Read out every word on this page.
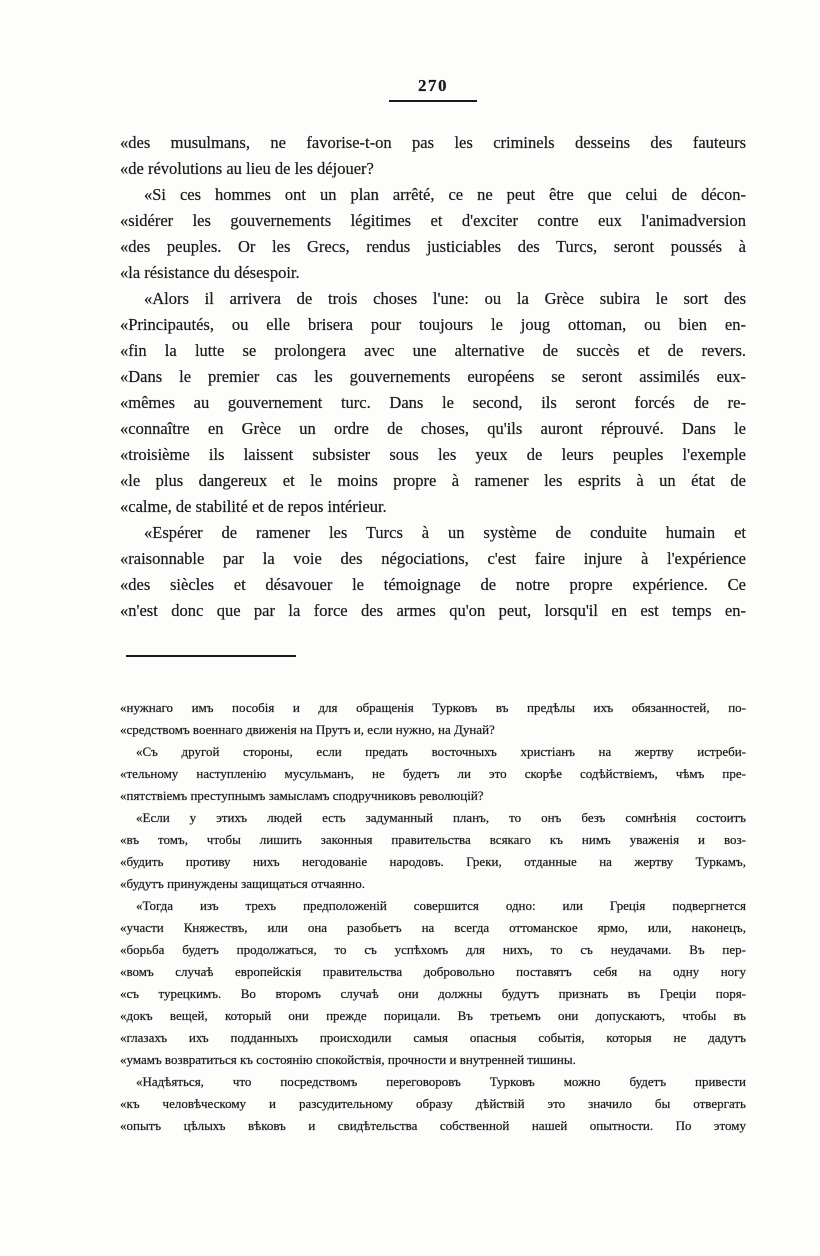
270
«des musulmans, ne favorise-t-on pas les criminels desseins des fauteurs
«de révolutions au lieu de les déjouer?
«Si ces hommes ont un plan arrêté, ce ne peut être que celui de décon-
«sidérer les gouvernements légitimes et d'exciter contre eux l'animadversion
«des peuples. Or les Grecs, rendus justiciables des Turcs, seront poussés à
«la résistance du désespoir.
«Alors il arrivera de trois choses l'une: ou la Grèce subira le sort des
«Principautés, ou elle brisera pour toujours le joug ottoman, ou bien en-
«fin la lutte se prolongera avec une alternative de succès et de revers.
«Dans le premier cas les gouvernements européens se seront assimilés eux-
«mêmes au gouvernement turc. Dans le second, ils seront forcés de re-
«connaître en Grèce un ordre de choses, qu'ils auront réprouvé. Dans le
«troisième ils laissent subsister sous les yeux de leurs peuples l'exemple
«le plus dangereux et le moins propre à ramener les esprits à un état de
«calme, de stabilité et de repos intérieur.
«Espérer de ramener les Turcs à un système de conduite humain et
«raisonnable par la voie des négociations, c'est faire injure à l'expérience
«des siècles et désavouer le témoignage de notre propre expérience. Ce
«n'est donc que par la force des armes qu'on peut, lorsqu'il en est temps en-
«нужнаго имъ пособія и для обращенія Турковъ въ предѣлы ихъ обязанностей, по-
«средствомъ военнаго движенія на Прутъ и, если нужно, на Дунай?
«Съ другой стороны, если предать восточныхъ христіанъ на жертву истреби-
«тельному наступленію мусульманъ, не будетъ ли это скорѣе содѣйствіемъ, чѣмъ пре-
«пятствіемъ преступнымъ замысламъ сподручниковъ революцій?
«Если у этихъ людей есть задуманный планъ, то онъ безъ сомнѣнія состоитъ
«въ томъ, чтобы лишить законныя правительства всякаго къ нимъ уваженія и воз-
«будить противу нихъ негодованіе народовъ. Греки, отданные на жертву Туркамъ,
«будутъ принуждены защищаться отчаянно.
«Тогда изъ трехъ предположеній совершится одно: или Греція подвергнется
«участи Княжествъ, или она разобьетъ на всегда оттоманское ярмо, или, наконецъ,
«борьба будетъ продолжаться, то съ успѣхомъ для нихъ, то съ неудачами. Въ пер-
«вомъ случаѣ европейскія правительства добровольно поставятъ себя на одну ногу
«съ турецкимъ. Во второмъ случаѣ они должны будутъ признать въ Греціи поря-
«докъ вещей, который они прежде порицали. Въ третьемъ они допускаютъ, чтобы въ
«глазахъ ихъ подданныхъ происходили самыя опасныя событія, которыя не дадутъ
«умамъ возвратиться къ состоянію спокойствія, прочности и внутренней тишины.
«Надѣяться, что посредствомъ переговоровъ Турковъ можно будетъ привести
«къ человѣческому и разсудительному образу дѣйствій это значило бы отвергать
«опытъ цѣлыхъ вѣковъ и свидѣтельства собственной нашей опытности. По этому
